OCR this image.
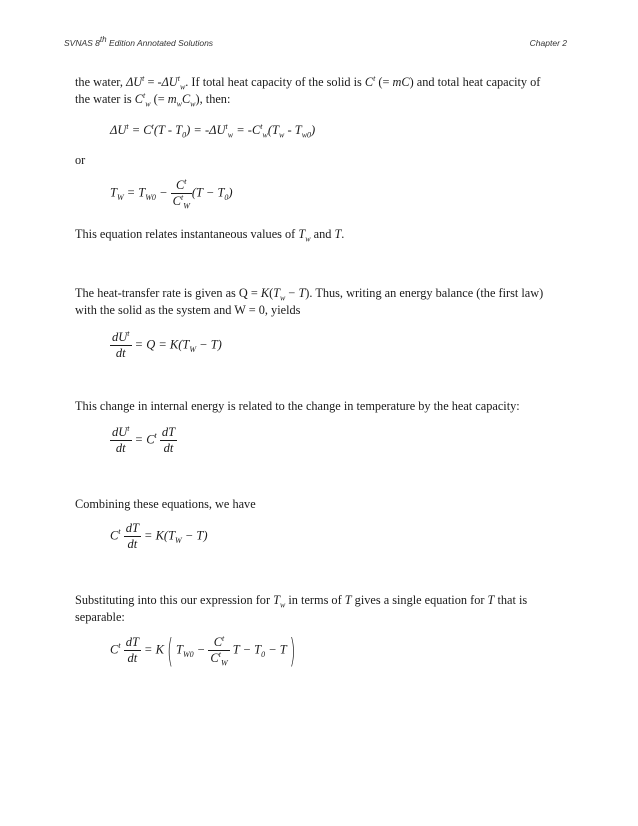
SVNAS 8th Edition Annotated Solutions	Chapter 2
the water, $\Delta U^t = -\Delta U^t_w$. If total heat capacity of the solid is $C^t$ (= mC) and total heat capacity of
the water is $C^t_w$ (= $m_wC_w$), then:
$\Delta U^t = C^t(T - T_0) = -\Delta U^t_w = -C^t_w(T_w - T_{w0})$
or
$T_W = T_{W0} - \frac{C^t}{C^t_W} (T - T_0)$
This equation relates instantaneous values of $T_w$ and T.
The heat-transfer rate is given as $Q = K(T_w - T)$. Thus, writing an energy balance (the first law)
with the solid as the system and W = 0, yields
$\frac{dU^t}{dt} = Q = K(T_W - T)$
This change in internal energy is related to the change in temperature by the heat capacity:
$\frac{dU^t}{dt} = C^t \frac{dT}{dt}$
Combining these equations, we have
$C^t \frac{dT}{dt} = K(T_W - T)$
Substituting into this our expression for $T_w$ in terms of T gives a single equation for T that is
separable:
$C^t \frac{dT}{dt} = K$ ( $T_{W0} - \frac{C^t}{C^t_W}$ $T - T_0 - T$ )
